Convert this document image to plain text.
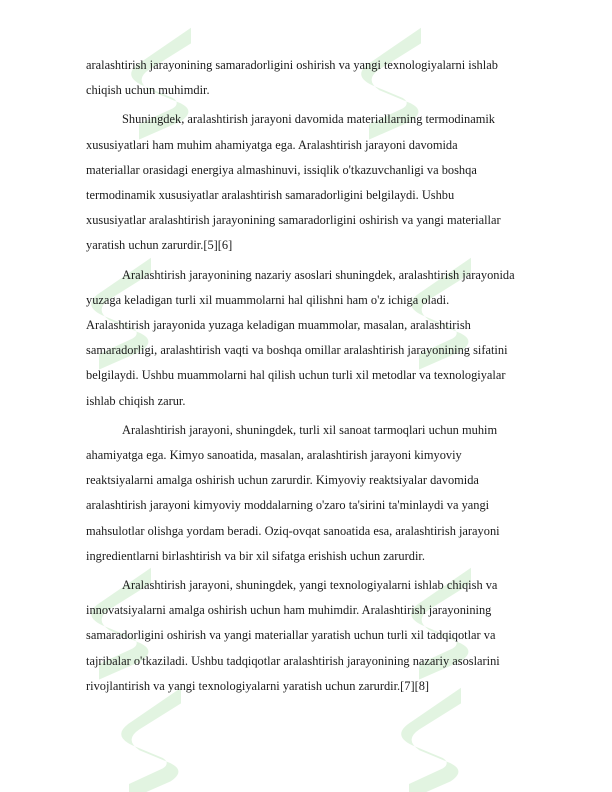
aralashtirish jarayonining samaradorligini oshirish va yangi texnologiyalarni ishlab
chiqish uchun muhimdir.
Shuningdek, aralashtirish jarayoni davomida materiallarning termodinamik
xususiyatlari ham muhim ahamiyatga ega. Aralashtirish jarayoni davomida
materiallar orasidagi energiya almashinuvi, issiqlik o'tkazuvchanligi va boshqa
termodinamik xususiyatlar aralashtirish samaradorligini belgilaydi. Ushbu
xususiyatlar aralashtirish jarayonining samaradorligini oshirish va yangi materiallar
yaratish uchun zarurdir.[5][6]
Aralashtirish jarayonining nazariy asoslari shuningdek, aralashtirish jarayonida
yuzaga keladigan turli xil muammolarni hal qilishni ham o'z ichiga oladi.
Aralashtirish jarayonida yuzaga keladigan muammolar, masalan, aralashtirish
samaradorligi, aralashtirish vaqti va boshqa omillar aralashtirish jarayonining sifatini
belgilaydi. Ushbu muammolarni hal qilish uchun turli xil metodlar va texnologiyalar
ishlab chiqish zarur.
Aralashtirish jarayoni, shuningdek, turli xil sanoat tarmoqlari uchun muhim
ahamiyatga ega. Kimyo sanoatida, masalan, aralashtirish jarayoni kimyoviy
reaktsiyalarni amalga oshirish uchun zarurdir. Kimyoviy reaktsiyalar davomida
aralashtirish jarayoni kimyoviy moddalarning o'zaro ta'sirini ta'minlaydi va yangi
mahsulotlar olishga yordam beradi. Oziq-ovqat sanoatida esa, aralashtirish jarayoni
ingredientlarni birlashtirish va bir xil sifatga erishish uchun zarurdir.
Aralashtirish jarayoni, shuningdek, yangi texnologiyalarni ishlab chiqish va
innovatsiyalarni amalga oshirish uchun ham muhimdir. Aralashtirish jarayonining
samaradorligini oshirish va yangi materiallar yaratish uchun turli xil tadqiqotlar va
tajribalar o'tkaziladi. Ushbu tadqiqotlar aralashtirish jarayonining nazariy asoslarini
rivojlantirish va yangi texnologiyalarni yaratish uchun zarurdir.[7][8]
